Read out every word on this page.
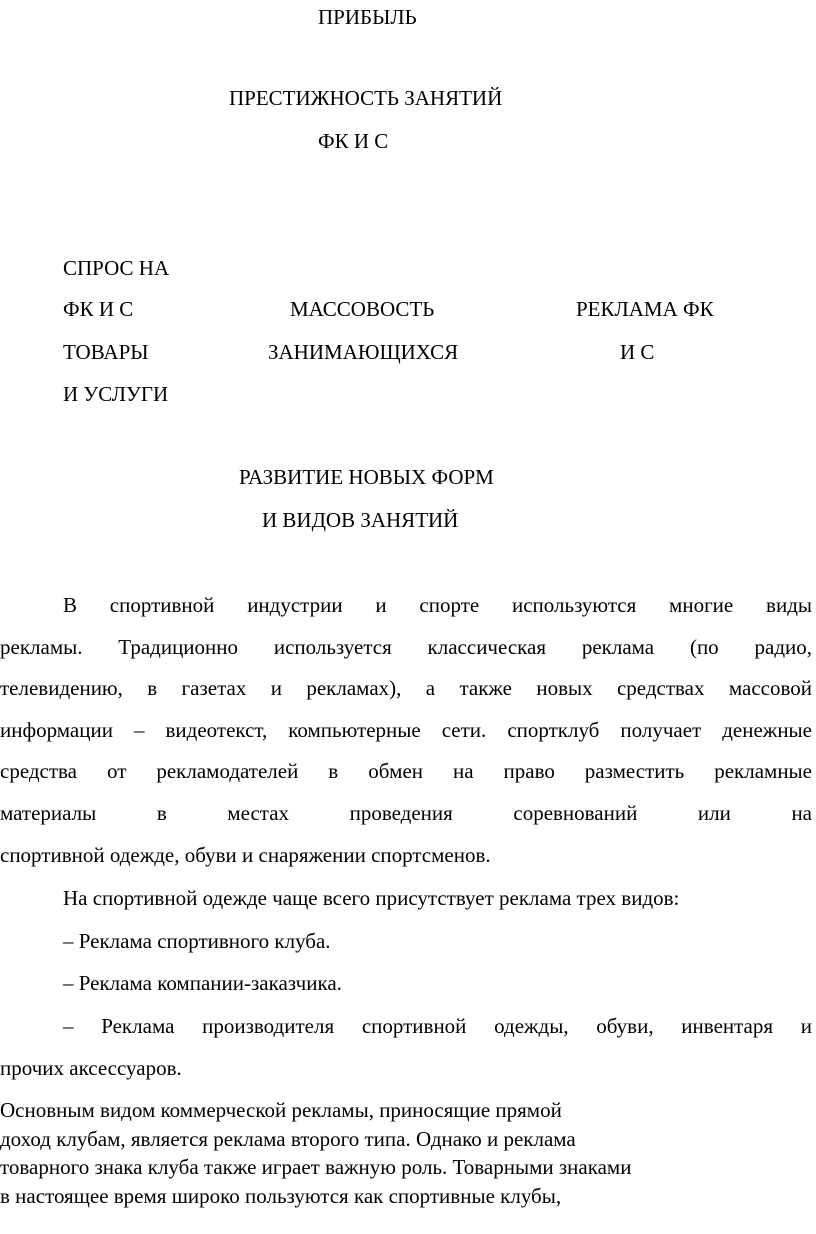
ПРИБЫЛЬ
ПРЕСТИЖНОСТЬ ЗАНЯТИЙ
ФК И С
СПРОС НА
ФК И С
ТОВАРЫ
И УСЛУГИ
МАССОВОСТЬ
ЗАНИМАЮЩИХСЯ
РЕКЛАМА ФК
И С
РАЗВИТИЕ НОВЫХ ФОРМ
И ВИДОВ ЗАНЯТИЙ
В спортивной индустрии и спорте используются многие виды
рекламы. Традиционно используется классическая реклама (по радио,
телевидению, в газетах и рекламах), а также новых средствах массовой
информации – видеотекст, компьютерные сети. спортклуб получает денежные
средства от рекламодателей в обмен на право разместить рекламные
материалы в местах проведения соревнований или на
спортивной одежде, обуви и снаряжении спортсменов.
На спортивной одежде чаще всего присутствует реклама трех видов:
– Реклама спортивного клуба.
– Реклама компании-заказчика.
– Реклама производителя спортивной одежды, обуви, инвентаря и
прочих аксессуаров.
Основным видом коммерческой рекламы, приносящие прямой
доход клубам, является реклама второго типа. Однако и реклама
товарного знака клуба также играет важную роль. Товарными знаками
в настоящее время широко пользуются как спортивные клубы,
